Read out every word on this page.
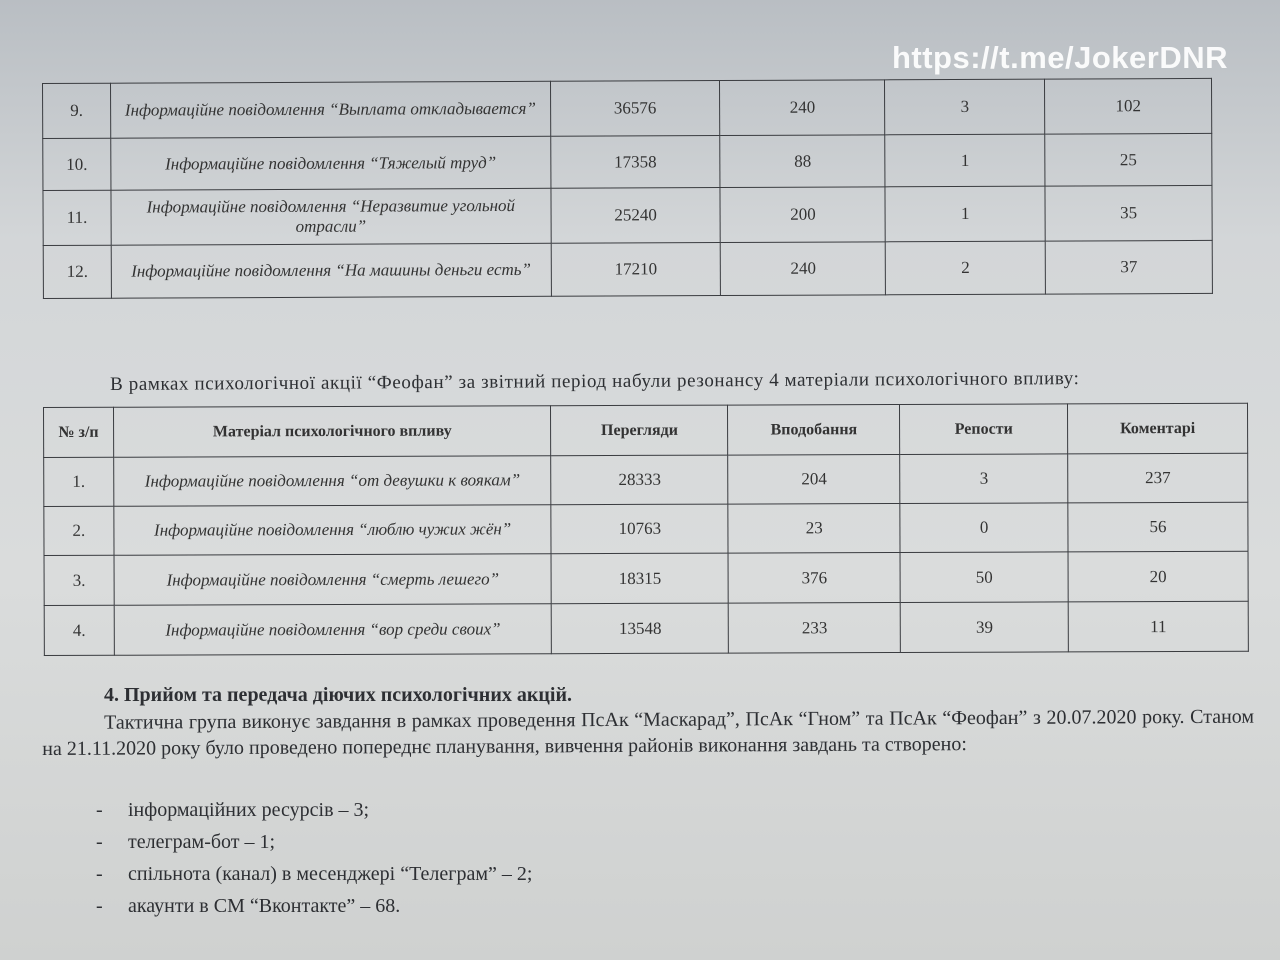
https://t.me/JokerDNR
9.	Інформаційне повідомлення “Выплата откладывается”	36576	240	3	102
10.	Інформаційне повідомлення “Тяжелый труд”	17358	88	1	25
11.	Інформаційне повідомлення “Неразвитие угольной отрасли”	25240	200	1	35
12.	Інформаційне повідомлення “На машины деньги есть”	17210	240	2	37
В рамках психологічної акції “Феофан” за звітний період набули резонансу 4 матеріали психологічного впливу:
№ з/п	Матеріал психологічного впливу	Перегляди	Вподобання	Репости	Коментарі
1.	Інформаційне повідомлення “от девушки к воякам”	28333	204	3	237
2.	Інформаційне повідомлення “люблю чужих жён”	10763	23	0	56
3.	Інформаційне повідомлення “смерть лешего”	18315	376	50	20
4.	Інформаційне повідомлення “вор среди своих”	13548	233	39	11
4. Прийом та передача діючих психологічних акцій.
Тактична група виконує завдання в рамках проведення ПсАк “Маскарад”, ПсАк “Гном” та ПсАк “Феофан” з 20.07.2020 року. Станом на 21.11.2020 року було проведено попереднє планування, вивчення районів виконання завдань та створено:
- інформаційних ресурсів – 3;
- телеграм-бот – 1;
- спільнота (канал) в месенджері “Телеграм” – 2;
- акаунти в СМ “Вконтакте” – 68.
